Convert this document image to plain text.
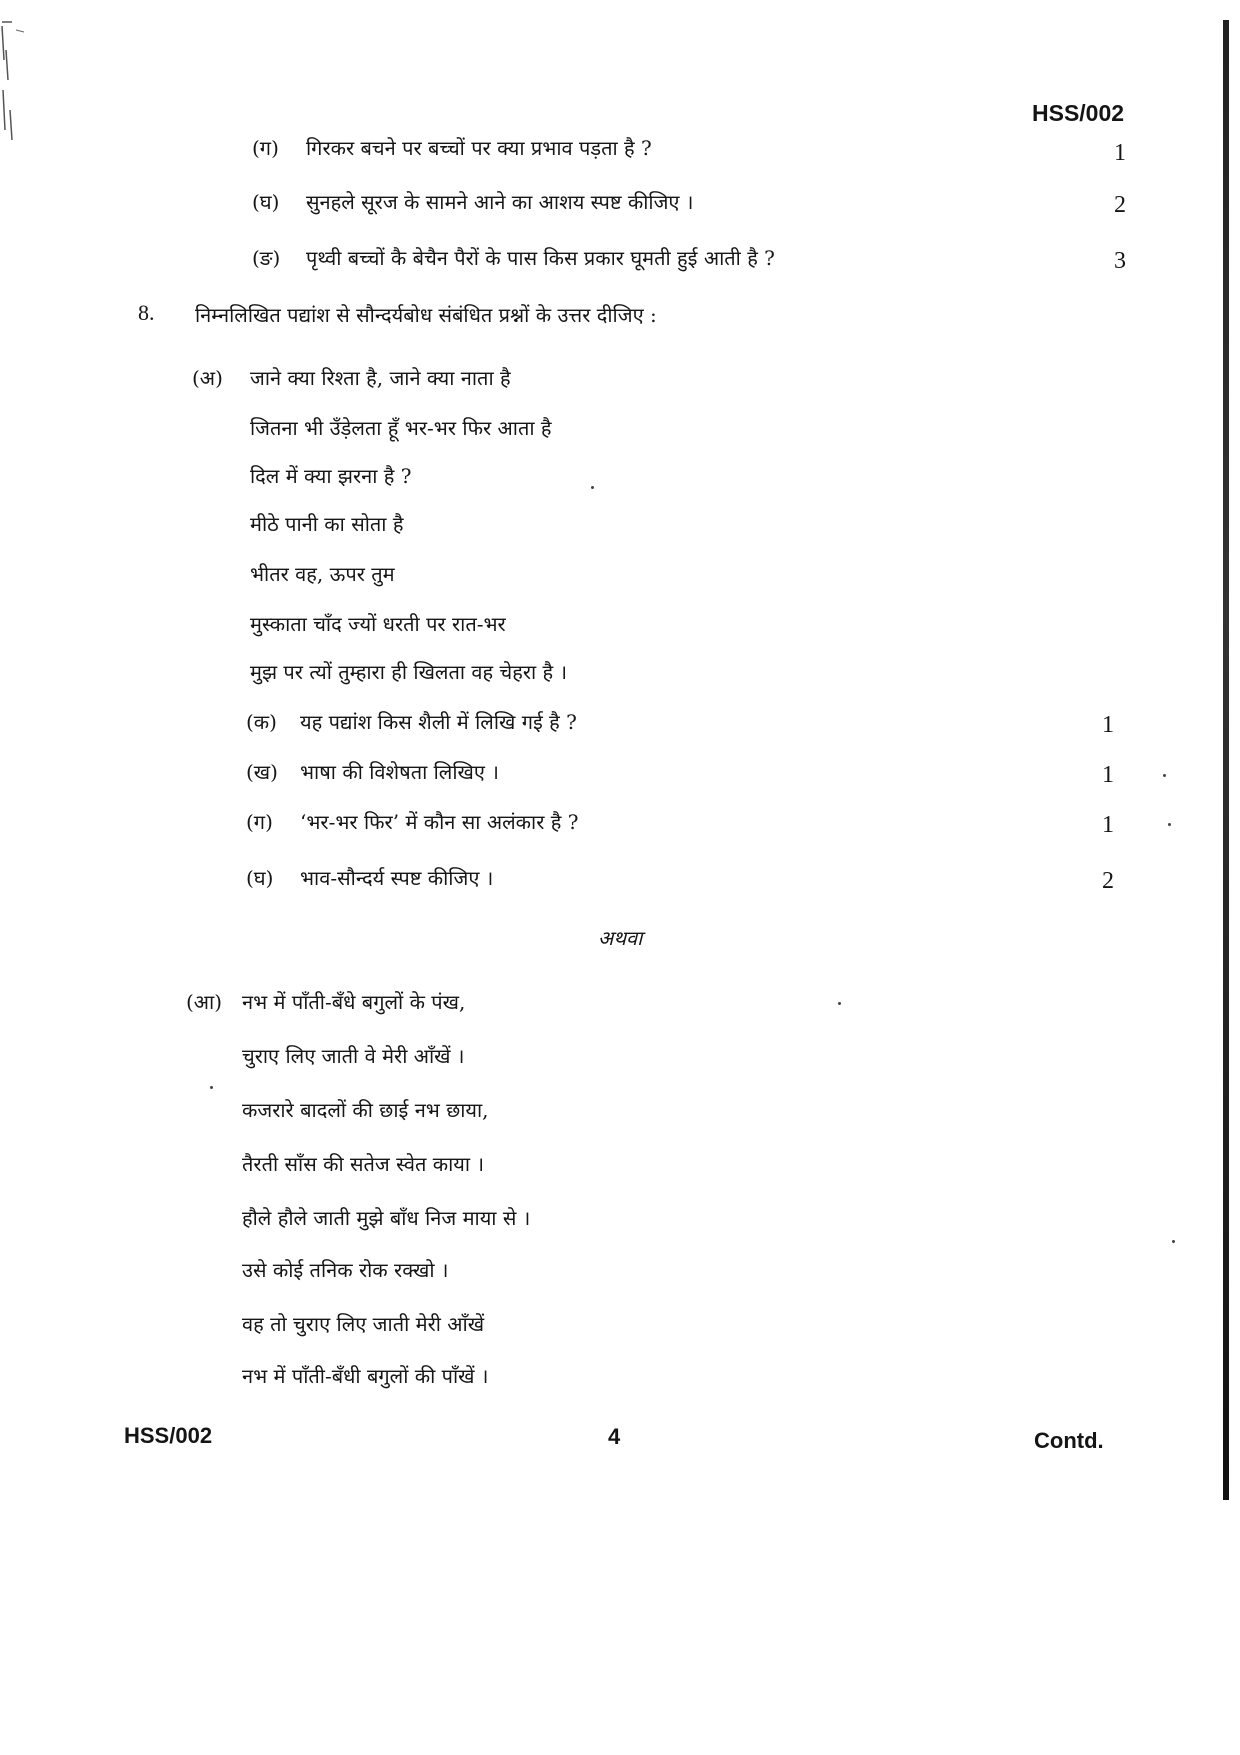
HSS/002
(ग) गिरकर बचने पर बच्चों पर क्या प्रभाव पड़ता है ?	1
(घ) सुनहले सूरज के सामने आने का आशय स्पष्ट कीजिए ।	2
(ङ) पृथ्वी बच्चों कै बेचैन पैरों के पास किस प्रकार घूमती हुई आती है ?	3
8. निम्नलिखित पद्यांश से सौन्दर्यबोध संबंधित प्रश्नों के उत्तर दीजिए :
(अ) जाने क्या रिश्ता है, जाने क्या नाता है
जितना भी उँड़ेलता हूँ भर-भर फिर आता है
दिल में क्या झरना है ?
मीठे पानी का सोता है
भीतर वह, ऊपर तुम
मुस्काता चाँद ज्यों धरती पर रात-भर
मुझ पर त्यों तुम्हारा ही खिलता वह चेहरा है ।
(क) यह पद्यांश किस शैली में लिखि गई है ?	1
(ख) भाषा की विशेषता लिखिए ।	1
(ग) ‘भर-भर फिर’ में कौन सा अलंकार है ?	1
(घ) भाव-सौन्दर्य स्पष्ट कीजिए ।	2
अथवा
(आ) नभ में पाँती-बँधे बगुलों के पंख,
चुराए लिए जाती वे मेरी आँखें ।
कजरारे बादलों की छाई नभ छाया,
तैरती साँस की सतेज स्वेत काया ।
हौले हौले जाती मुझे बाँध निज माया से ।
उसे कोई तनिक रोक रक्खो ।
वह तो चुराए लिए जाती मेरी आँखें
नभ में पाँती-बँधी बगुलों की पाँखें ।
HSS/002	4	Contd.
